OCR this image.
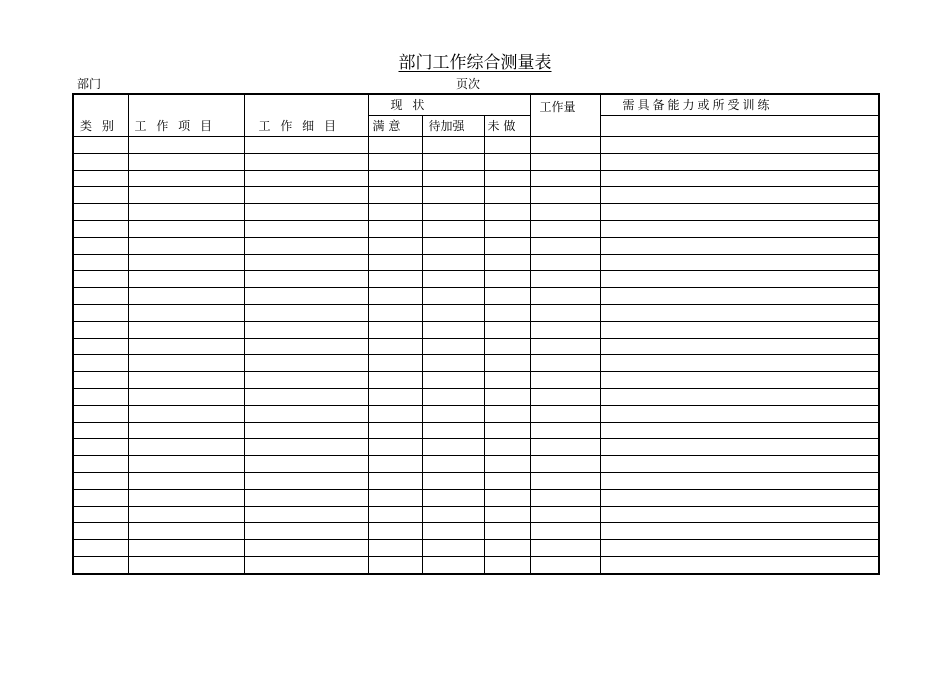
部门工作综合测量表
部门	页次
类 别	工 作 项 目	工 作 细 目	现 状			工作量	需具备能力或所受训练
			满 意	待加强	未 做		
